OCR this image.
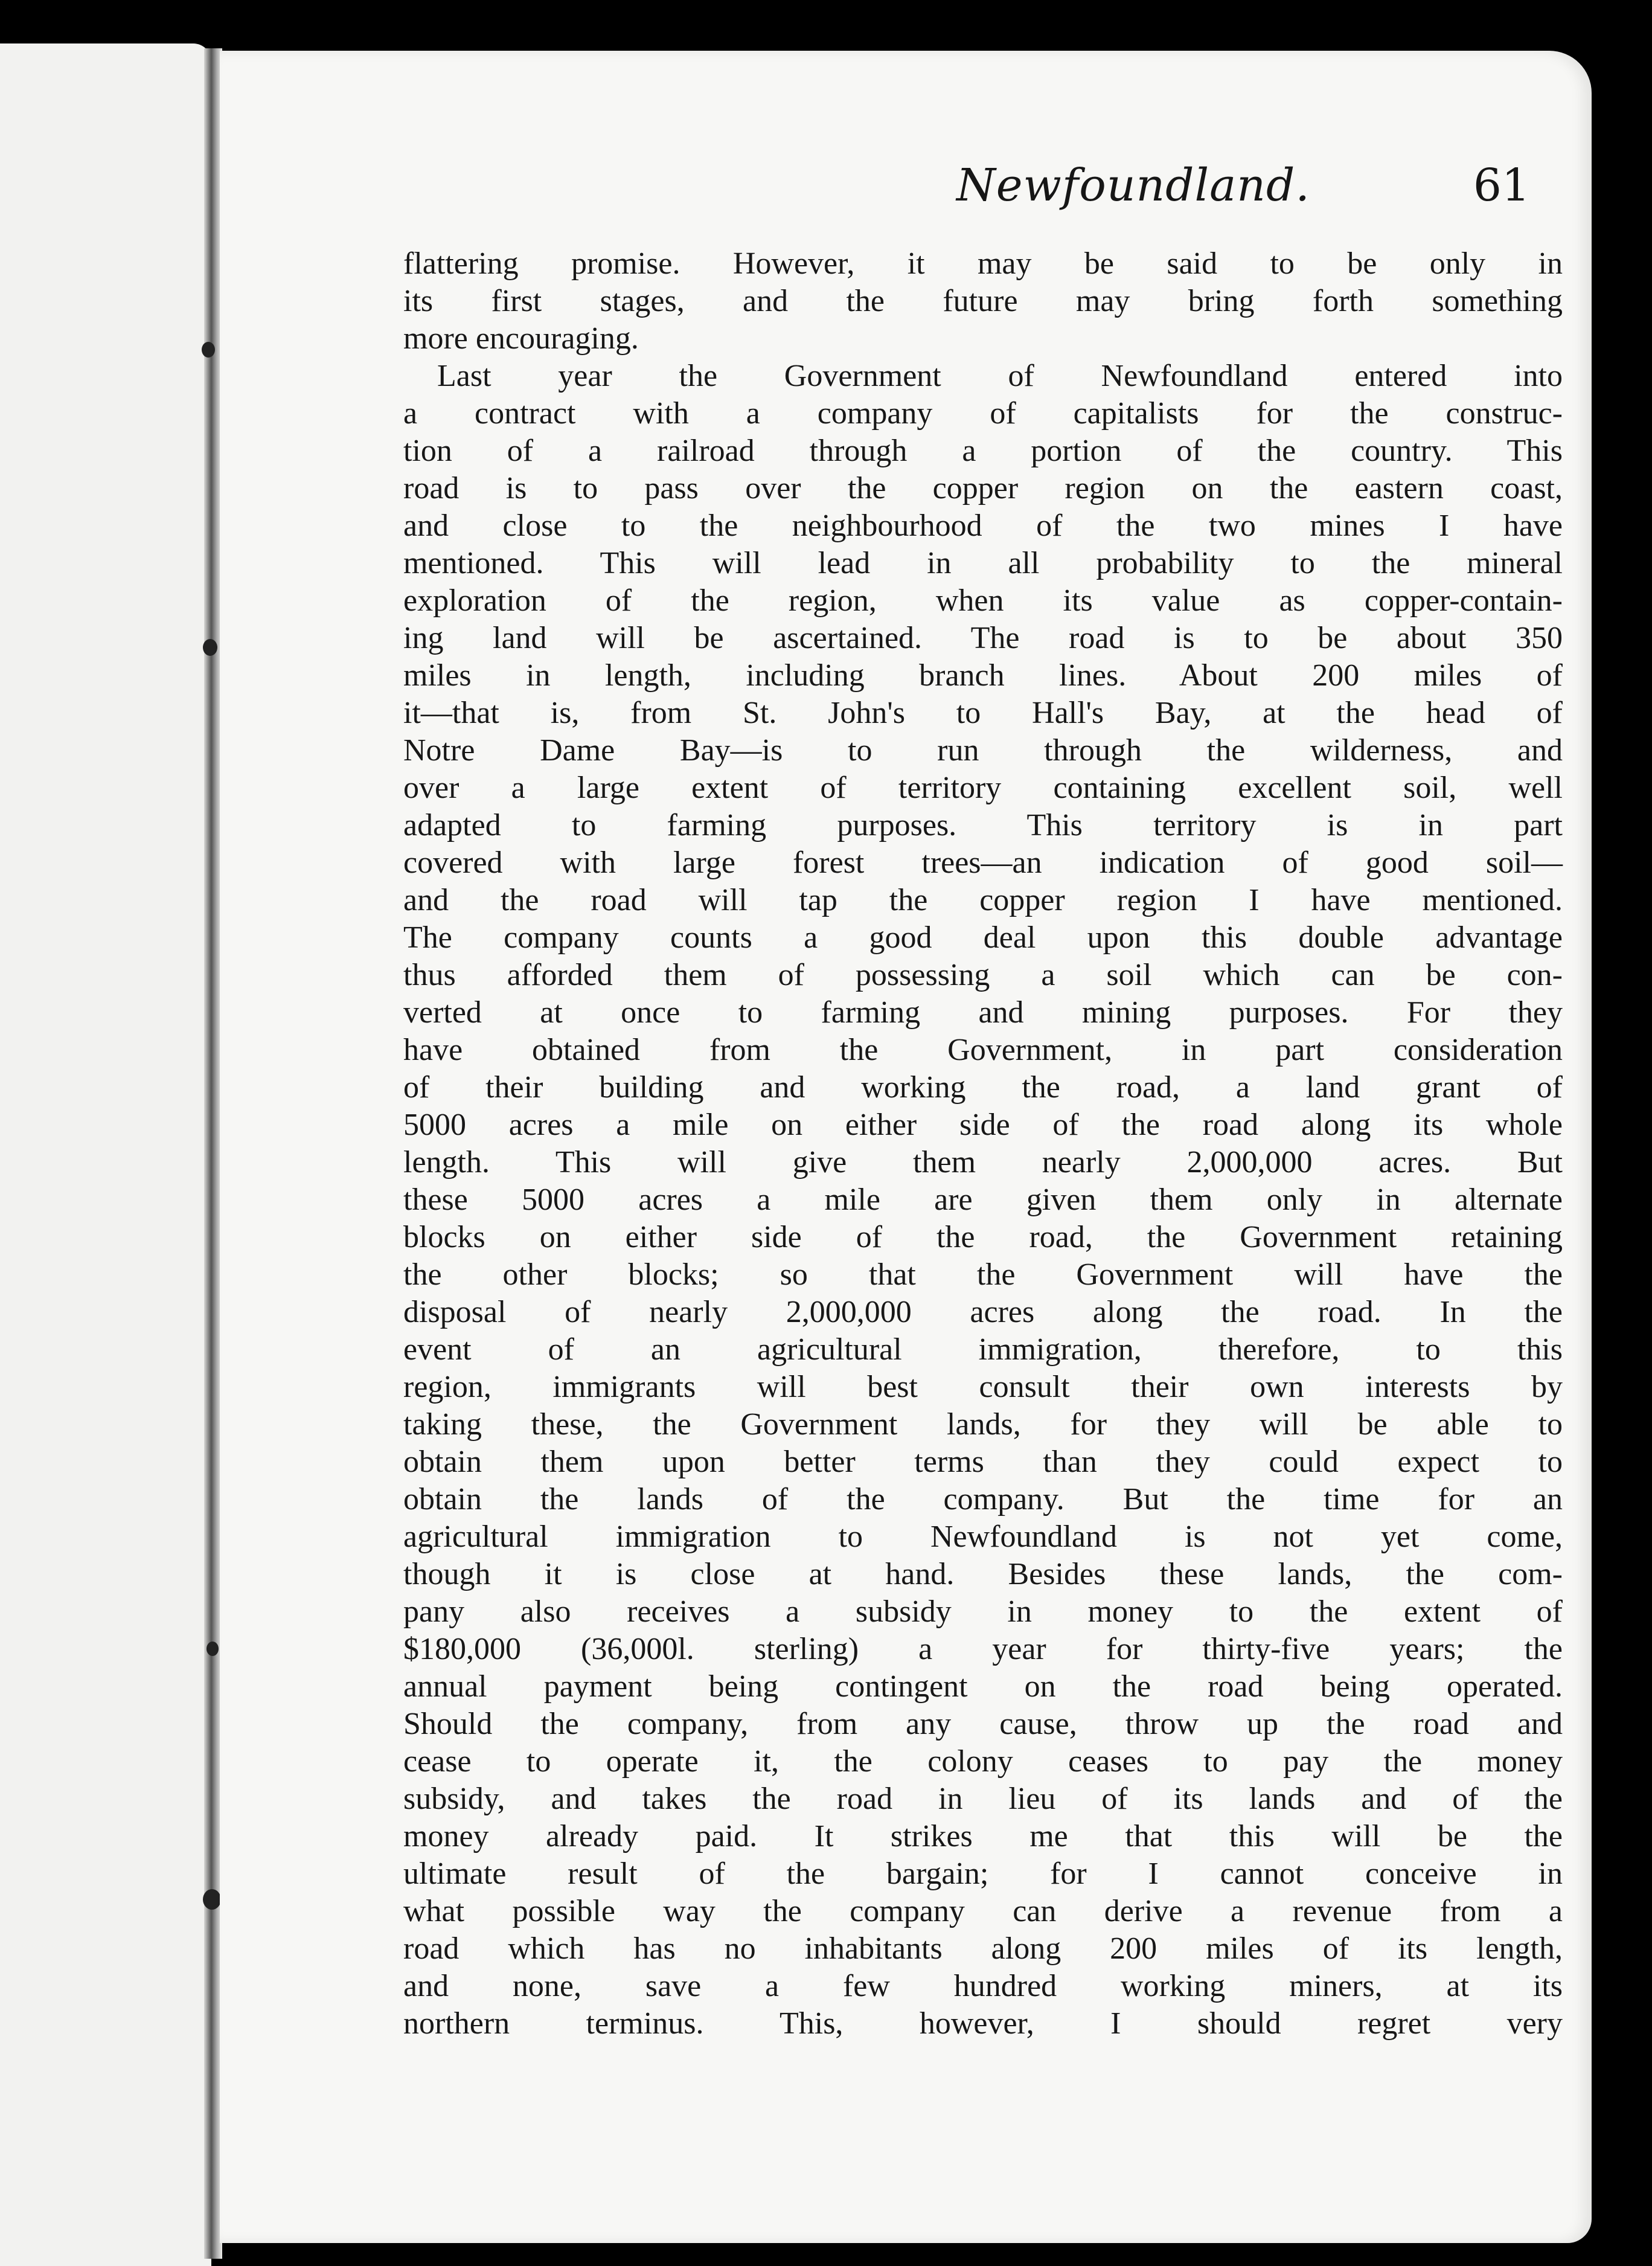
Newfoundland.	61
flattering promise. However, it may be said to be only in
its first stages, and the future may bring forth something
more encouraging.
Last year the Government of Newfoundland entered into
a contract with a company of capitalists for the construc-
tion of a railroad through a portion of the country. This
road is to pass over the copper region on the eastern coast,
and close to the neighbourhood of the two mines I have
mentioned. This will lead in all probability to the mineral
exploration of the region, when its value as copper-contain-
ing land will be ascertained. The road is to be about 350
miles in length, including branch lines. About 200 miles of
it—that is, from St. John's to Hall's Bay, at the head of
Notre Dame Bay—is to run through the wilderness, and
over a large extent of territory containing excellent soil, well
adapted to farming purposes. This territory is in part
covered with large forest trees—an indication of good soil—
and the road will tap the copper region I have mentioned.
The company counts a good deal upon this double advantage
thus afforded them of possessing a soil which can be con-
verted at once to farming and mining purposes. For they
have obtained from the Government, in part consideration
of their building and working the road, a land grant of
5000 acres a mile on either side of the road along its whole
length. This will give them nearly 2,000,000 acres. But
these 5000 acres a mile are given them only in alternate
blocks on either side of the road, the Government retaining
the other blocks; so that the Government will have the
disposal of nearly 2,000,000 acres along the road. In the
event of an agricultural immigration, therefore, to this
region, immigrants will best consult their own interests by
taking these, the Government lands, for they will be able to
obtain them upon better terms than they could expect to
obtain the lands of the company. But the time for an
agricultural immigration to Newfoundland is not yet come,
though it is close at hand. Besides these lands, the com-
pany also receives a subsidy in money to the extent of
$180,000 (36,000l. sterling) a year for thirty-five years; the
annual payment being contingent on the road being operated.
Should the company, from any cause, throw up the road and
cease to operate it, the colony ceases to pay the money
subsidy, and takes the road in lieu of its lands and of the
money already paid. It strikes me that this will be the
ultimate result of the bargain; for I cannot conceive in
what possible way the company can derive a revenue from a
road which has no inhabitants along 200 miles of its length,
and none, save a few hundred working miners, at its
northern terminus. This, however, I should regret very
